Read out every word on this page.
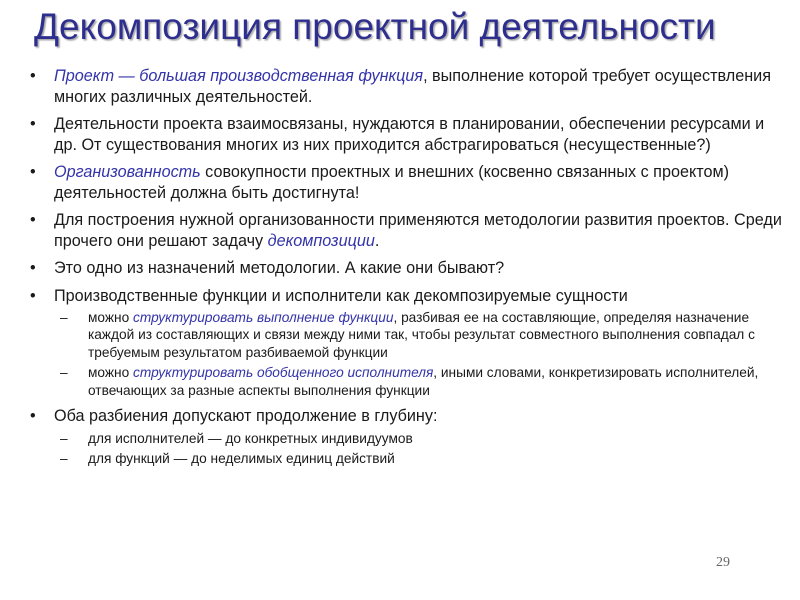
Декомпозиция проектной деятельности
• Проект — большая производственная функция, выполнение которой требует осуществления многих различных деятельностей.
• Деятельности проекта взаимосвязаны, нуждаются в планировании, обеспечении ресурсами и др. От существования многих из них приходится абстрагироваться (несущественные?)
• Организованность совокупности проектных и внешних (косвенно связанных с проектом) деятельностей должна быть достигнута!
• Для построения нужной организованности применяются методологии развития проектов. Среди прочего они решают задачу декомпозиции.
• Это одно из назначений методологии. А какие они бывают?
• Производственные функции и исполнители как декомпозируемые сущности
– можно структурировать выполнение функции, разбивая ее на составляющие, определяя назначение каждой из составляющих и связи между ними так, чтобы результат совместного выполнения совпадал с требуемым результатом разбиваемой функции
– можно структурировать обобщенного исполнителя, иными словами, конкретизировать исполнителей, отвечающих за разные аспекты выполнения функции
• Оба разбиения допускают продолжение в глубину:
– для исполнителей — до конкретных индивидуумов
– для функций — до неделимых единиц действий
29
